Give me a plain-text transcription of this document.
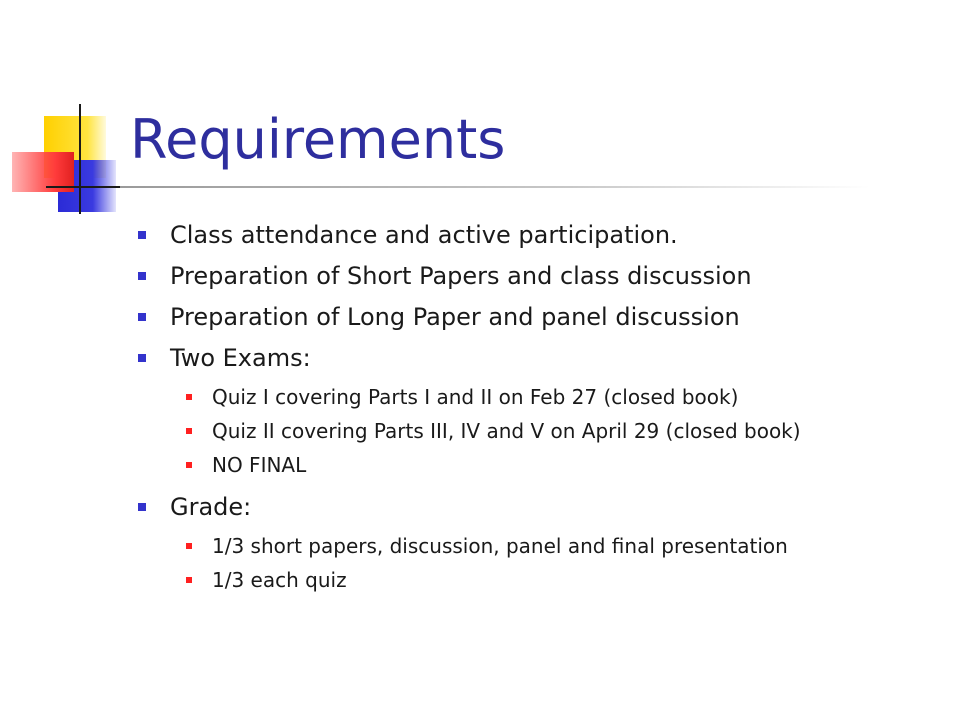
Requirements
Class attendance and active participation.
Preparation of Short Papers and class discussion
Preparation of Long Paper and panel discussion
Two Exams:
Quiz I covering Parts I and II on Feb 27 (closed book)
Quiz II covering Parts III, IV and V on April 29 (closed book)
NO FINAL
Grade:
1/3 short papers, discussion, panel and final presentation
1/3 each quiz
